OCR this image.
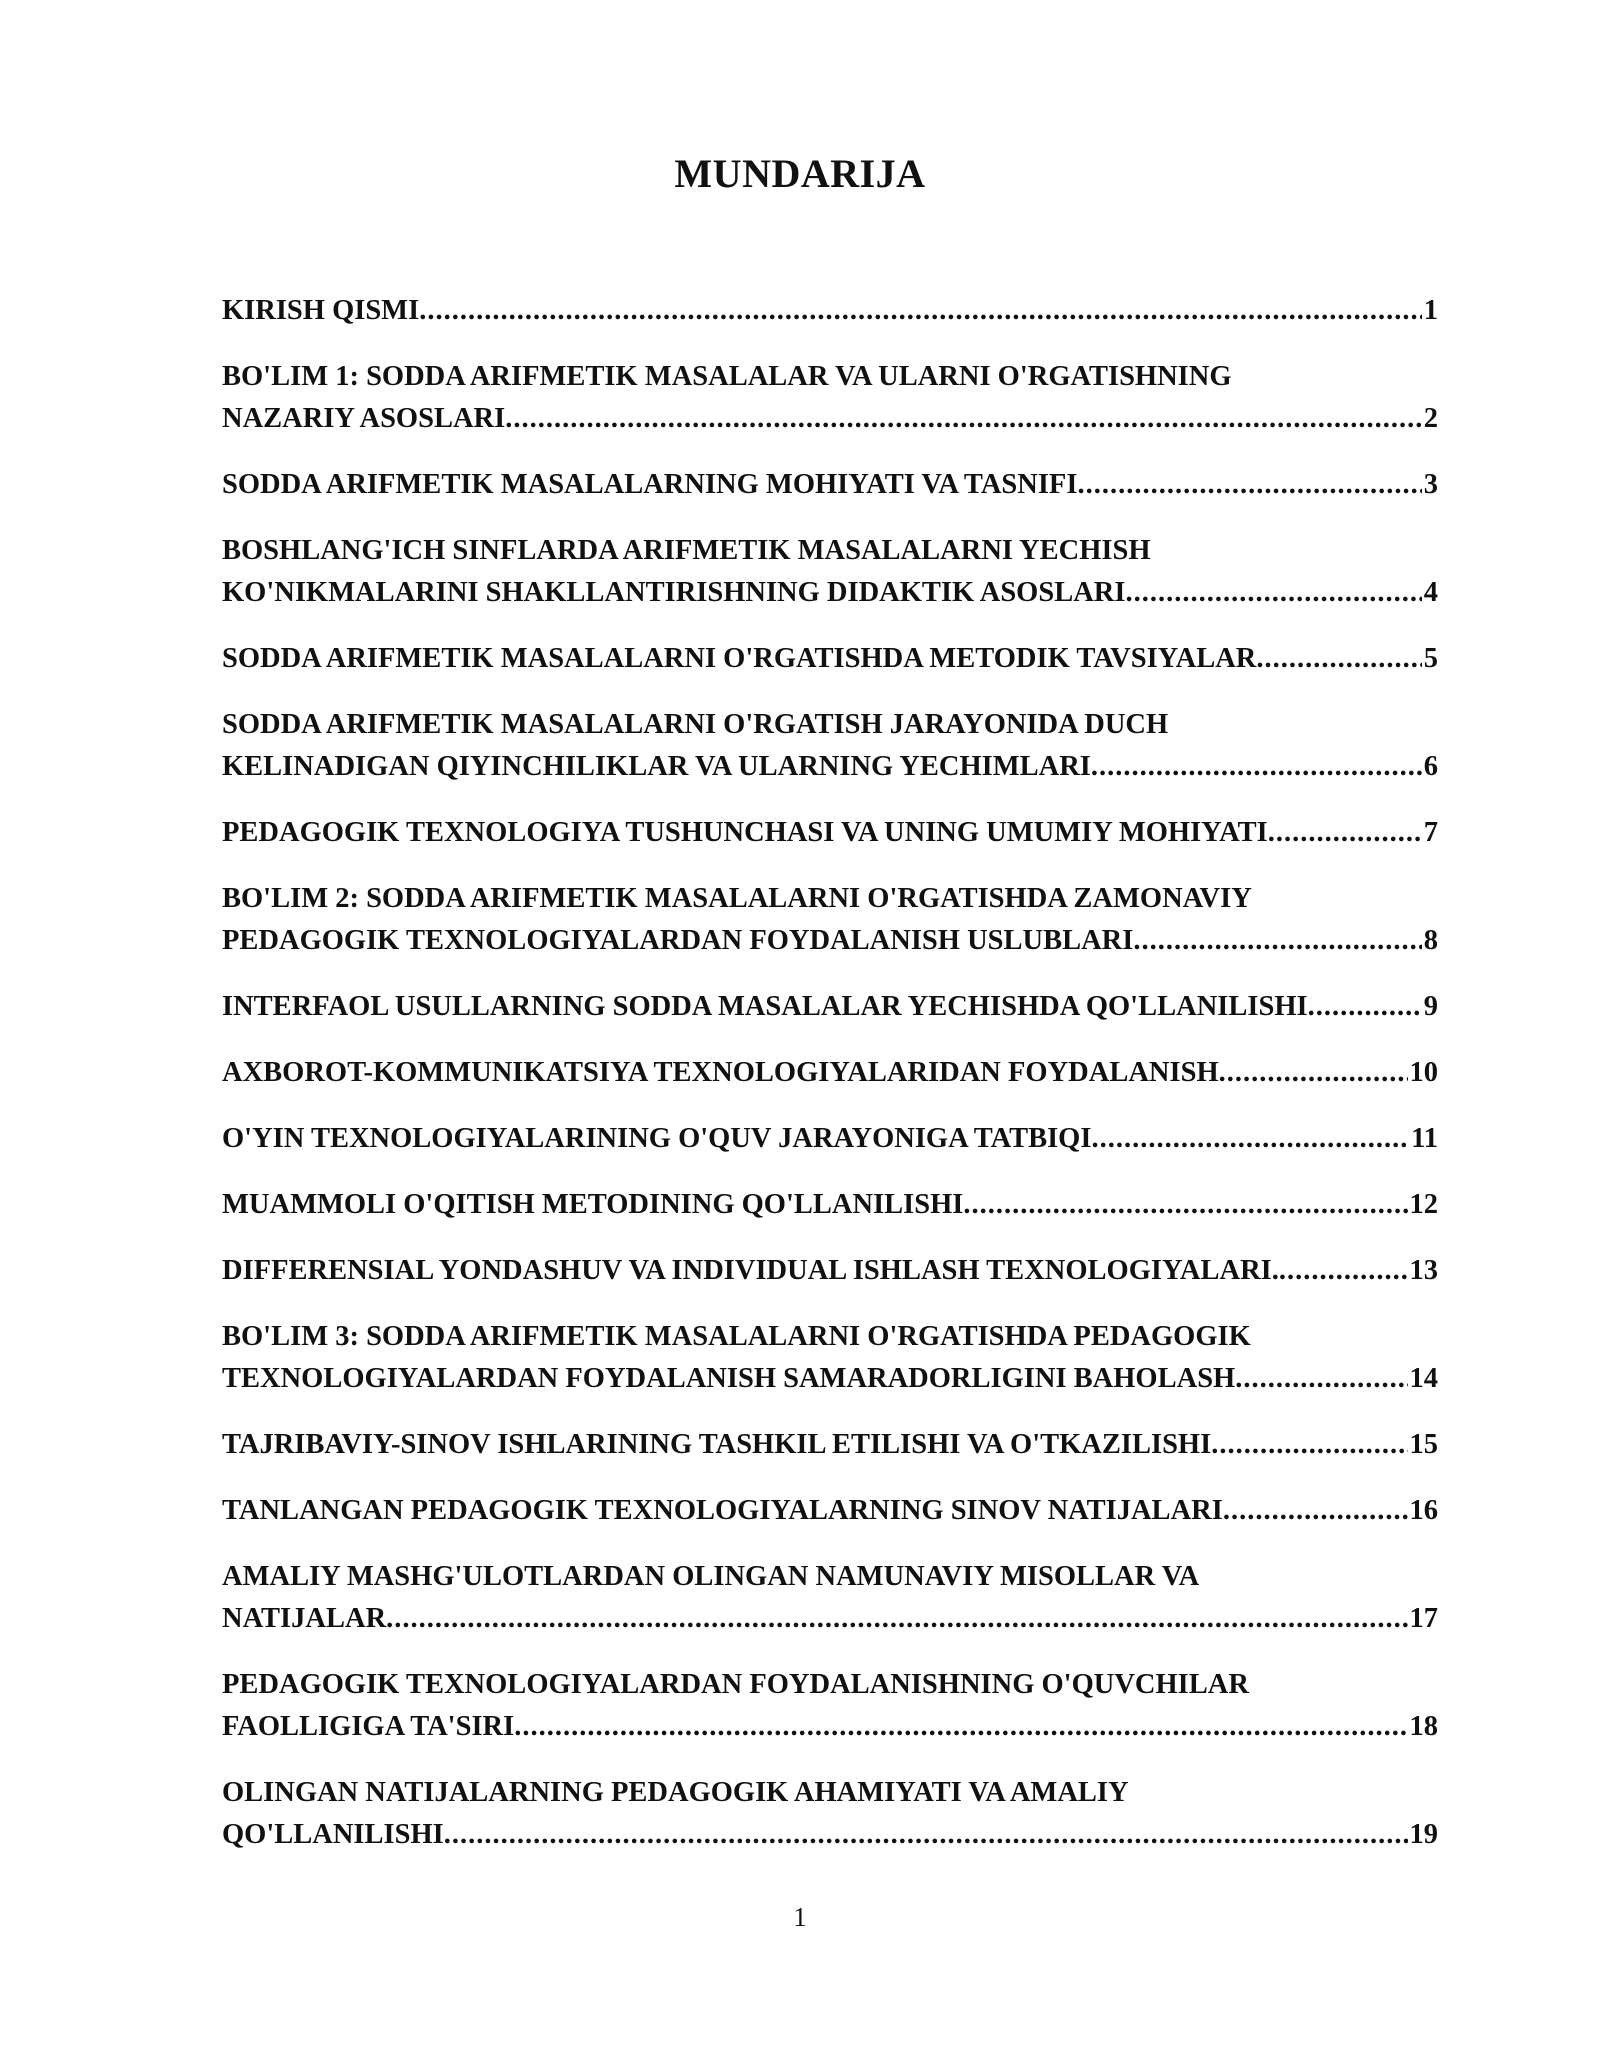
MUNDARIJA
KIRISH QISMI .....	1
BO'LIM 1: SODDA ARIFMETIK MASALALAR VA ULARNI O'RGATISHNING
NAZARIY ASOSLARI .....	2
SODDA ARIFMETIK MASALALARNING MOHIYATI VA TASNIFI .....	3
BOSHLANG'ICH SINFLARDA ARIFMETIK MASALALARNI YECHISH
KO'NIKMALARINI SHAKLLANTIRISHNING DIDAKTIK ASOSLARI .....	4
SODDA ARIFMETIK MASALALARNI O'RGATISHDA METODIK TAVSIYALAR .....	5
SODDA ARIFMETIK MASALALARNI O'RGATISH JARAYONIDA DUCH
KELINADIGAN QIYINCHILIKLAR VA ULARNING YECHIMLARI .....	6
PEDAGOGIK TEXNOLOGIYA TUSHUNCHASI VA UNING UMUMIY MOHIYATI .....	7
BO'LIM 2: SODDA ARIFMETIK MASALALARNI O'RGATISHDA ZAMONAVIY
PEDAGOGIK TEXNOLOGIYALARDAN FOYDALANISH USLUBLARI .....	8
INTERFAOL USULLARNING SODDA MASALALAR YECHISHDA QO'LLANILISHI .....	9
AXBOROT-KOMMUNIKATSIYA TEXNOLOGIYALARIDAN FOYDALANISH .....	10
O'YIN TEXNOLOGIYALARINING O'QUV JARAYONIGA TATBIQI .....	11
MUAMMOLI O'QITISH METODINING QO'LLANILISHI .....	12
DIFFERENSIAL YONDASHUV VA INDIVIDUAL ISHLASH TEXNOLOGIYALARI. .....	13
BO'LIM 3: SODDA ARIFMETIK MASALALARNI O'RGATISHDA PEDAGOGIK
TEXNOLOGIYALARDAN FOYDALANISH SAMARADORLIGINI BAHOLASH .....	14
TAJRIBAVIY-SINOV ISHLARINING TASHKIL ETILISHI VA O'TKAZILISHI .....	15
TANLANGAN PEDAGOGIK TEXNOLOGIYALARNING SINOV NATIJALARI .....	16
AMALIY MASHG'ULOTLARDAN OLINGAN NAMUNAVIY MISOLLAR VA
NATIJALAR .....	17
PEDAGOGIK TEXNOLOGIYALARDAN FOYDALANISHNING O'QUVCHILAR
FAOLLIGIGA TA'SIRI .....	18
OLINGAN NATIJALARNING PEDAGOGIK AHAMIYATI VA AMALIY
QO'LLANILISHI .....	19
1
